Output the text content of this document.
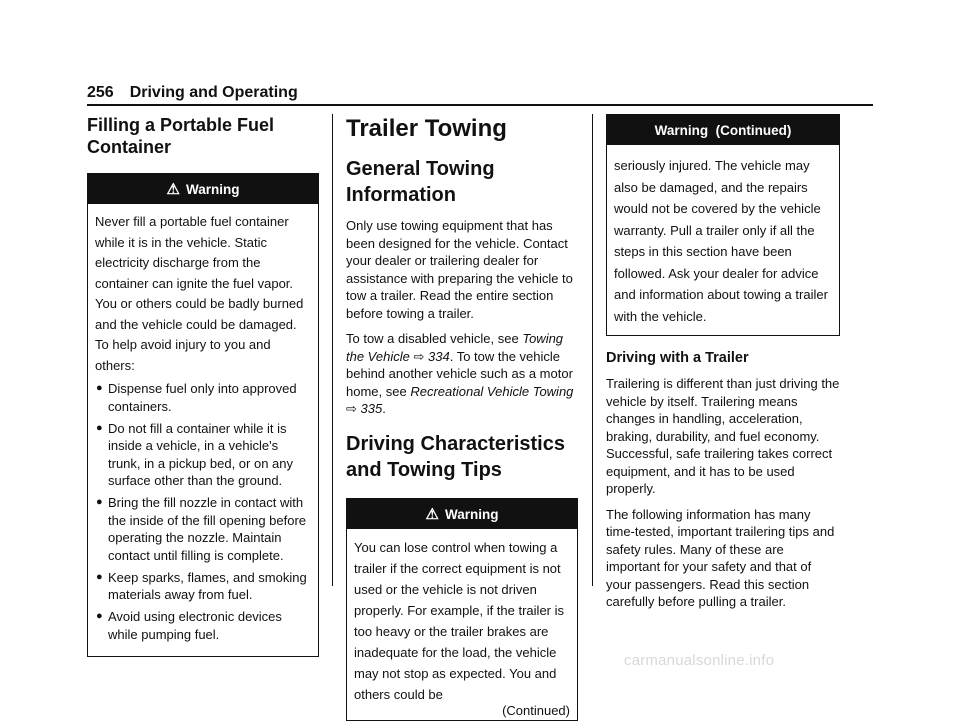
256 Driving and Operating
Filling a Portable Fuel Container
⚠ Warning
Never fill a portable fuel container while it is in the vehicle. Static electricity discharge from the container can ignite the fuel vapor. You or others could be badly burned and the vehicle could be damaged. To help avoid injury to you and others:
● Dispense fuel only into approved containers.
● Do not fill a container while it is inside a vehicle, in a vehicle's trunk, in a pickup bed, or on any surface other than the ground.
● Bring the fill nozzle in contact with the inside of the fill opening before operating the nozzle. Maintain contact until filling is complete.
● Keep sparks, flames, and smoking materials away from fuel.
● Avoid using electronic devices while pumping fuel.
Trailer Towing
General Towing Information

Only use towing equipment that has been designed for the vehicle. Contact your dealer or trailering dealer for assistance with preparing the vehicle to tow a trailer. Read the entire section before towing a trailer.

To tow a disabled vehicle, see Towing the Vehicle ⇨ 334. To tow the vehicle behind another vehicle such as a motor home, see Recreational Vehicle Towing ⇨ 335.

Driving Characteristics and Towing Tips
⚠ Warning
You can lose control when towing a trailer if the correct equipment is not used or the vehicle is not driven properly. For example, if the trailer is too heavy or the trailer brakes are inadequate for the load, the vehicle may not stop as expected. You and others could be
(Continued)
Warning  (Continued)
seriously injured. The vehicle may also be damaged, and the repairs would not be covered by the vehicle warranty. Pull a trailer only if all the steps in this section have been followed. Ask your dealer for advice and information about towing a trailer with the vehicle.
Driving with a Trailer

Trailering is different than just driving the vehicle by itself. Trailering means changes in handling, acceleration, braking, durability, and fuel economy. Successful, safe trailering takes correct equipment, and it has to be used properly.

The following information has many time-tested, important trailering tips and safety rules. Many of these are important for your safety and that of your passengers. Read this section carefully before pulling a trailer.

carmanualsonline.info
